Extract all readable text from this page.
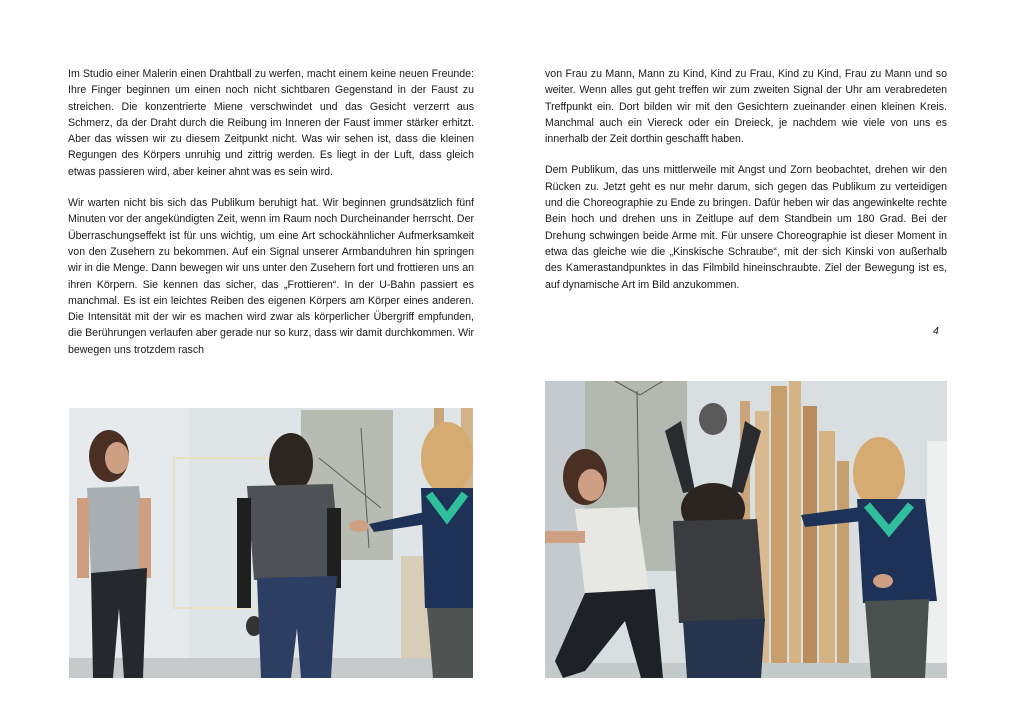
Im Studio einer Malerin einen Drahtball zu werfen, macht einem keine neuen Freunde: Ihre Finger beginnen um einen noch nicht sichtbaren Gegenstand in der Faust zu streichen. Die konzentrierte Miene verschwindet und das Gesicht verzerrt aus Schmerz, da der Draht durch die Reibung im Inneren der Faust immer stärker erhitzt. Aber das wissen wir zu diesem Zeitpunkt nicht. Was wir sehen ist, dass die kleinen Regungen des Körpers unruhig und zittrig werden. Es liegt in der Luft, dass gleich etwas passieren wird, aber keiner ahnt was es sein wird.

Wir warten nicht bis sich das Publikum beruhigt hat. Wir beginnen grundsätzlich fünf Minuten vor der angekündigten Zeit, wenn im Raum noch Durcheinander herrscht. Der Überraschungseffekt ist für uns wichtig, um eine Art schockähnlicher Aufmerksamkeit von den Zusehern zu bekommen. Auf ein Signal unserer Armbanduhren hin springen wir in die Menge. Dann bewegen wir uns unter den Zusehern fort und frottieren uns an ihren Körpern. Sie kennen das sicher, das „Frottieren“. In der U-Bahn passiert es manchmal. Es ist ein leichtes Reiben des eigenen Körpers am Körper eines anderen. Die Intensität mit der wir es machen wird zwar als körperlicher Übergriff empfunden, die Berührungen verlaufen aber gerade nur so kurz, dass wir damit durchkommen. Wir bewegen uns trotzdem rasch

von Frau zu Mann, Mann zu Kind, Kind zu Frau, Kind zu Kind, Frau zu Mann und so weiter. Wenn alles gut geht treffen wir zum zweiten Signal der Uhr am verabredeten Treffpunkt ein. Dort bilden wir mit den Gesichtern zueinander einen kleinen Kreis. Manchmal auch ein Viereck oder ein Dreieck, je nachdem wie viele von uns es innerhalb der Zeit dorthin geschafft haben.

Dem Publikum, das uns mittlerweile mit Angst und Zorn beobachtet, drehen wir den Rücken zu. Jetzt geht es nur mehr darum, sich gegen das Publikum zu verteidigen und die Choreographie zu Ende zu bringen. Dafür heben wir das angewinkelte rechte Bein hoch und drehen uns in Zeitlupe auf dem Standbein um 180 Grad. Bei der Drehung schwingen beide Arme mit. Für unsere Choreographie ist dieser Moment in etwa das gleiche wie die „Kinskische Schraube“, mit der sich Kinski von außerhalb des Kamerastandpunktes in das Filmbild hineinschraubte. Ziel der Bewegung ist es, auf dynamische Art im Bild anzukommen.

4
